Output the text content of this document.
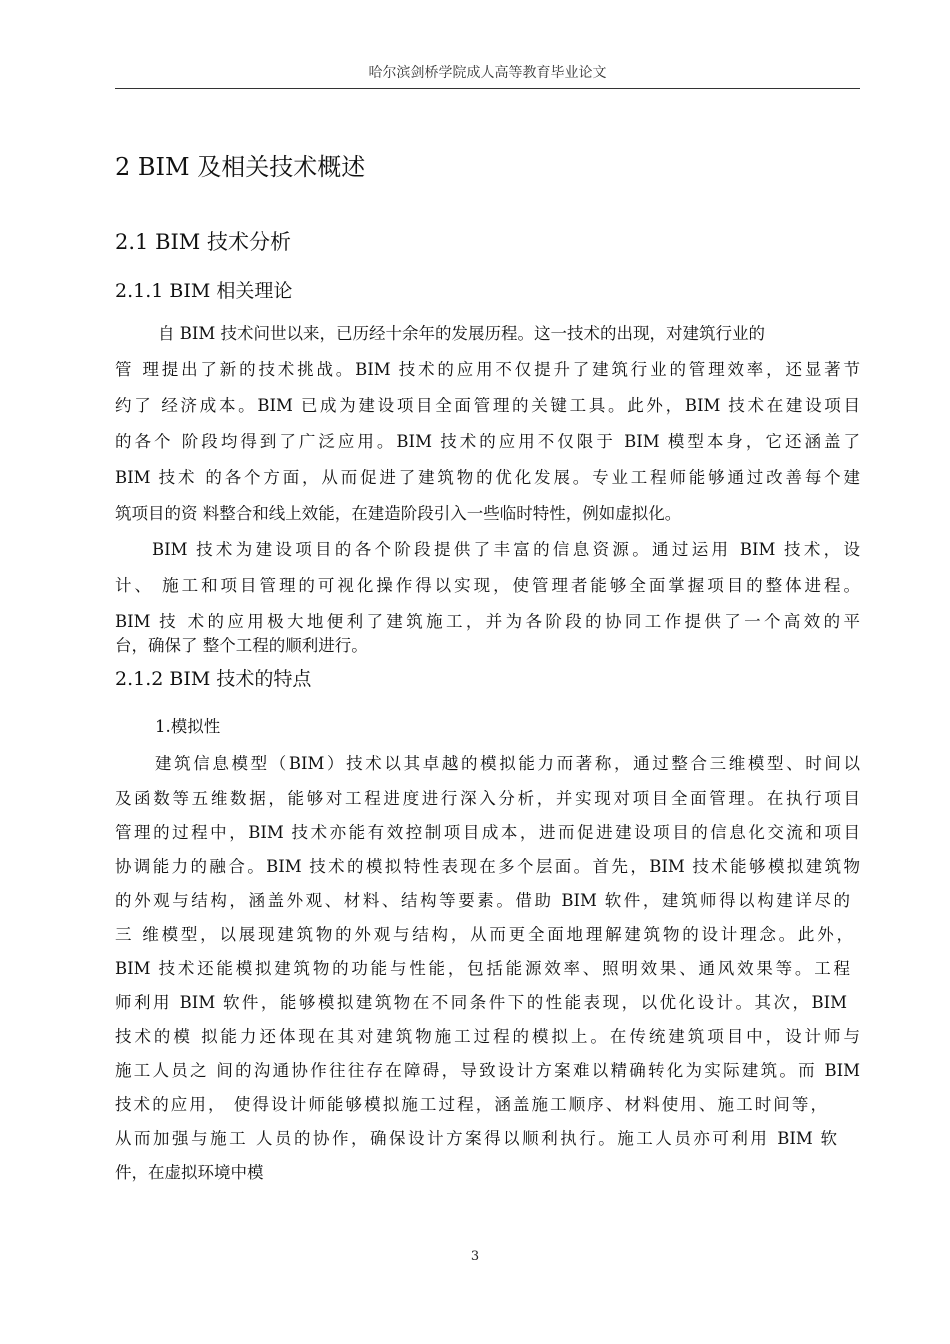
哈尔滨剑桥学院成人高等教育毕业论文
2 BIM 及相关技术概述
2.1 BIM 技术分析
2.1.1 BIM 相关理论
自 BIM 技术问世以来，已历经十余年的发展历程。这一技术的出现，对建筑行业的
管 理提出了新的技术挑战。BIM 技术的应用不仅提升了建筑行业的管理效率，还显著节
约了 经济成本。BIM 已成为建设项目全面管理的关键工具。此外，BIM 技术在建设项目
的各个 阶段均得到了广泛应用。BIM 技术的应用不仅限于 BIM 模型本身，它还涵盖了
BIM 技术 的各个方面，从而促进了建筑物的优化发展。专业工程师能够通过改善每个建
筑项目的资 料整合和线上效能，在建造阶段引入一些临时特性，例如虚拟化。
BIM 技术为建设项目的各个阶段提供了丰富的信息资源。通过运用 BIM 技术，设
计、 施工和项目管理的可视化操作得以实现，使管理者能够全面掌握项目的整体进程。
BIM 技 术的应用极大地便利了建筑施工，并为各阶段的协同工作提供了一个高效的平
台，确保了 整个工程的顺利进行。
2.1.2 BIM 技术的特点
1.模拟性
建筑信息模型（BIM）技术以其卓越的模拟能力而著称，通过整合三维模型、时间以
及函数等五维数据，能够对工程进度进行深入分析，并实现对项目全面管理。在执行项目
管理的过程中，BIM 技术亦能有效控制项目成本，进而促进建设项目的信息化交流和项目
协调能力的融合。BIM 技术的模拟特性表现在多个层面。首先，BIM 技术能够模拟建筑物
的外观与结构，涵盖外观、材料、结构等要素。借助 BIM 软件，建筑师得以构建详尽的
三 维模型，以展现建筑物的外观与结构，从而更全面地理解建筑物的设计理念。此外，
BIM 技术还能模拟建筑物的功能与性能，包括能源效率、照明效果、通风效果等。工程
师利用 BIM 软件，能够模拟建筑物在不同条件下的性能表现，以优化设计。其次，BIM
技术的模 拟能力还体现在其对建筑物施工过程的模拟上。在传统建筑项目中，设计师与
施工人员之 间的沟通协作往往存在障碍，导致设计方案难以精确转化为实际建筑。而 BIM
技术的应用， 使得设计师能够模拟施工过程，涵盖施工顺序、材料使用、施工时间等，
从而加强与施工 人员的协作，确保设计方案得以顺利执行。施工人员亦可利用 BIM 软
件，在虚拟环境中模
3
